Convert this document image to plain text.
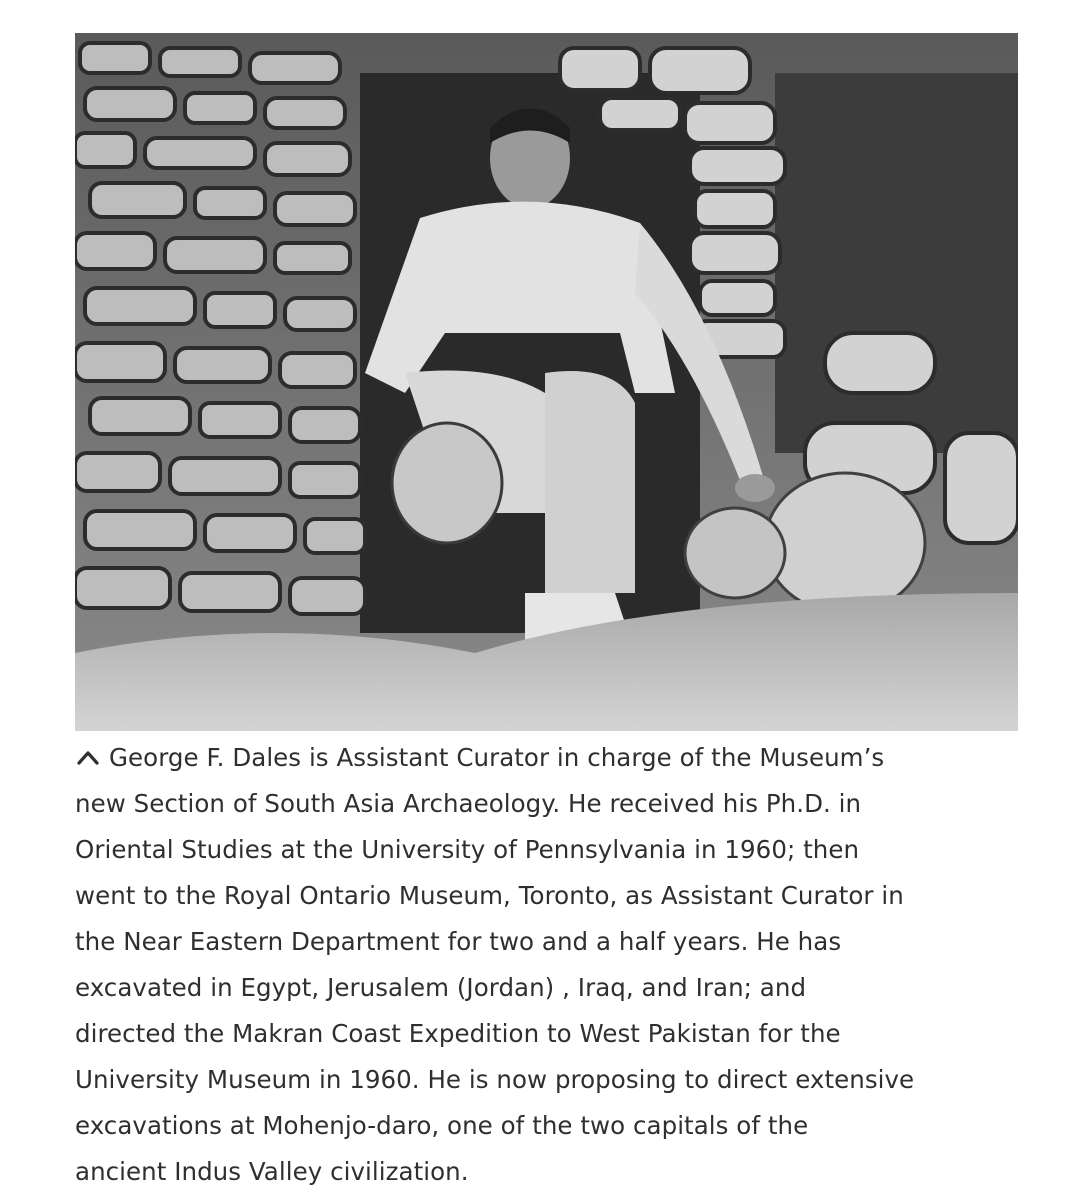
George F. Dales is Assistant Curator in charge of the Museum’s
new Section of South Asia Archaeology. He received his Ph.D. in
Oriental Studies at the University of Pennsylvania in 1960; then
went to the Royal Ontario Museum, Toronto, as Assistant Curator in
the Near Eastern Department for two and a half years. He has
excavated in Egypt, Jerusalem (Jordan) , Iraq, and Iran; and
directed the Makran Coast Expedition to West Pakistan for the
University Museum in 1960. He is now proposing to direct extensive
excavations at Mohenjo-daro, one of the two capitals of the
ancient Indus Valley civilization.
